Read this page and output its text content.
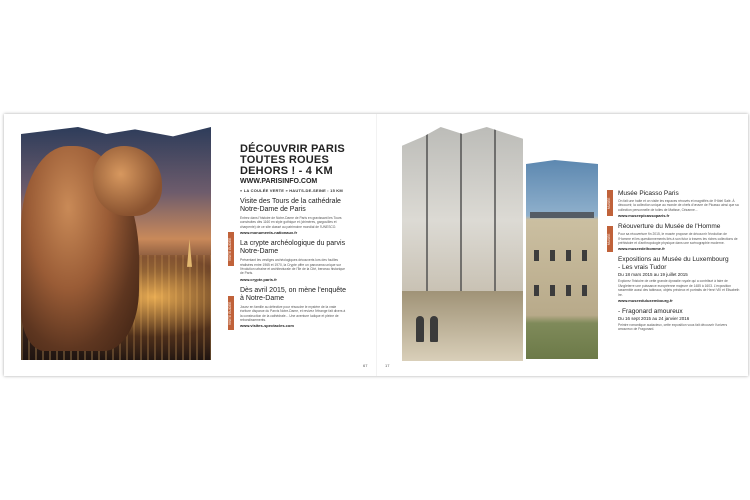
VISITE GUIDÉE
VISITE GUIDÉE
DÉCOUVRIR PARIS TOUTES ROUES DEHORS ! - 4 KM
WWW.PARISINFO.COM
« LA COULÉE VERTE » HAUTS-DE-SEINE : 15 KM
Visite des Tours de la cathédrale Notre-Dame de Paris
Entrez dans l'histoire de Notre-Dame de Paris en gravissant les Tours construites dès 1160 en style gothique et (chimères, gargouilles et charpente) de ce site classé au patrimoine mondial de l'UNESCO.
www.monuments-nationaux.fr
La crypte archéologique du parvis Notre-Dame
Présentant les vestiges archéologiques découverts lors des fouilles réalisées entre 1965 et 1970, la Crypte offre un panorama unique sur l'évolution urbaine et architecturale de l'Île de la Cité, berceau historique de Paris.
www.crypte.paris.fr
Dès avril 2015, on mène l'enquête à Notre-Dame
Jouez en famille au détective pour résoudre le mystère de la vraie écriture disparue du Parvis Notre-Dame, et revivez l'étrange fait divers à la construction de la cathédrale... Une aventure ludique et pleine de rebondissements.
www.visites-spectacles.com
67	17
MUSÉE
MUSÉE
Musée Picasso Paris
On fait une halte et on visite les espaces rénovés et magnifiés de l'Hôtel Salé. À découvrir, la collection unique au monde de chefs d'œuvre de Picasso ainsi que sa collection personnelle de toiles de Matisse, Cézanne...
www.museepicassoparis.fr
Réouverture du Musée de l'Homme
Pour sa réouverture fin 2015, le musée propose de découvrir l'évolution de l'Homme et les questionnements liés à son futur à travers les riches collections de préhistoire et d'anthropologie physique dans une scénographie moderne.
www.museedelhomme.fr
Expositions au Musée du Luxembourg
- Les vrais Tudor
Du 18 mars 2015 au 19 juillet 2015
Explorez l'histoire de cette grande dynastie royale qui a contribué à faire de l'Angleterre une puissance européenne majeure de 1485 à 1603. L'exposition rassemble aussi des tableaux, objets précieux et portraits de Henri VIII et Elisabeth Ire.
www.museeduluxembourg.fr
- Fragonard amoureux
Du 16 sept 2015 au 24 janvier 2016
Peintre romantique audacieux, cette exposition vous fait découvrir l'univers amoureux de Fragonard.
